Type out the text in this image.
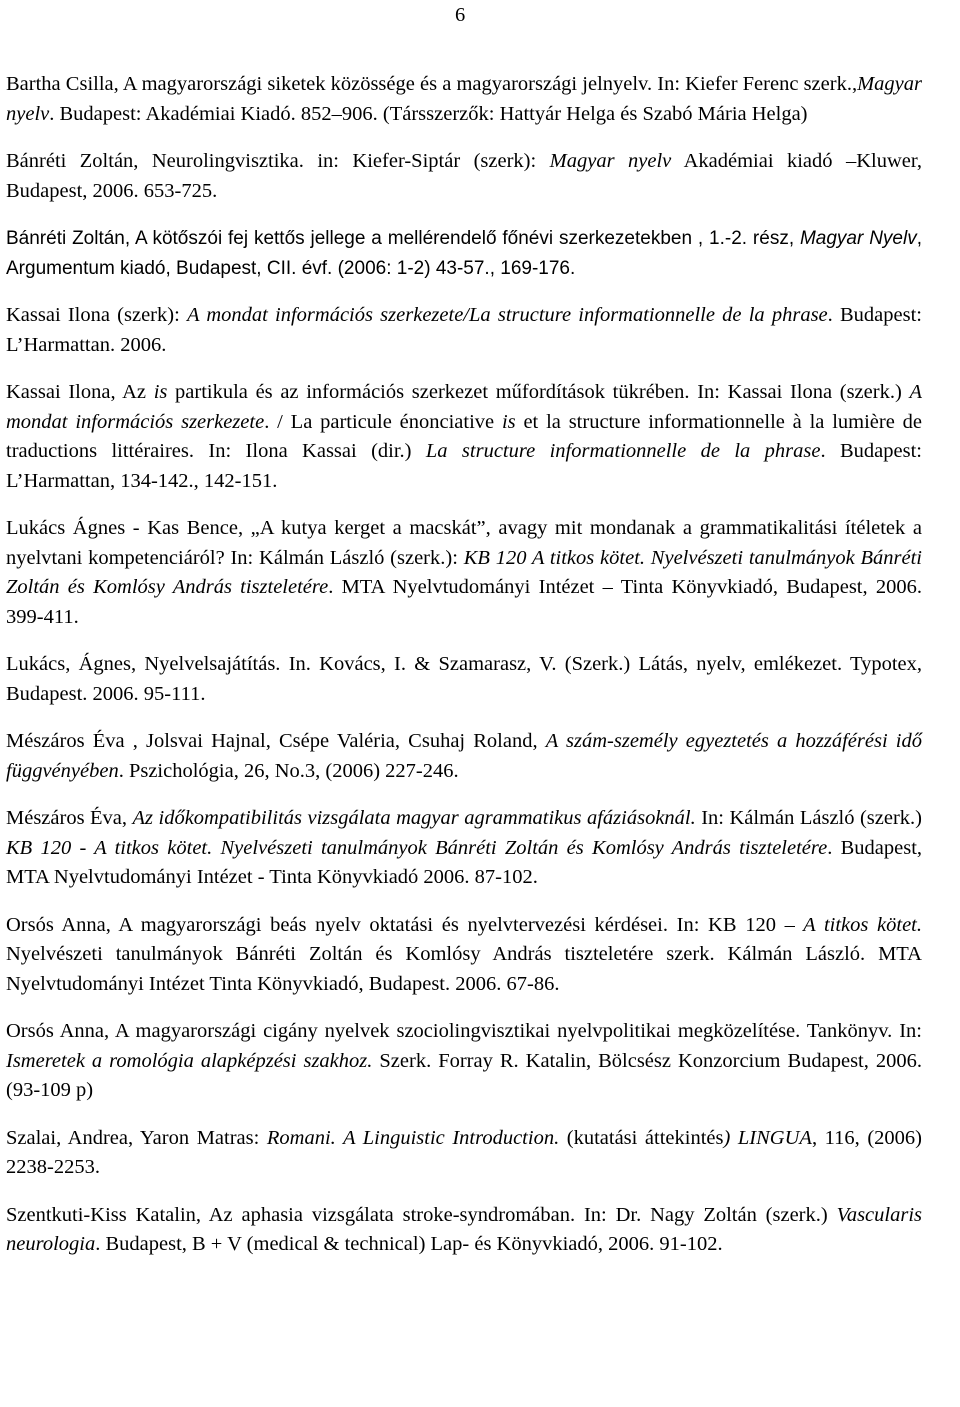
6
Bartha Csilla, A magyarországi siketek közössége és a magyarországi jelnyelv. In: Kiefer Ferenc szerk.,Magyar nyelv. Budapest: Akadémiai Kiadó. 852–906. (Társszerzők: Hattyár Helga és Szabó Mária Helga)
Bánréti Zoltán, Neurolingvisztika. in: Kiefer-Siptár (szerk): Magyar nyelv Akadémiai kiadó –Kluwer, Budapest, 2006. 653-725.
Bánréti Zoltán, A kötőszói fej kettős jellege a mellérendelő főnévi szerkezetekben , 1.-2. rész, Magyar Nyelv, Argumentum kiadó, Budapest, CII. évf. (2006: 1-2) 43-57., 169-176.
Kassai Ilona (szerk): A mondat információs szerkezete/La structure informationnelle de la phrase. Budapest: L’Harmattan. 2006.
Kassai Ilona, Az is partikula és az információs szerkezet műfordítások tükrében. In: Kassai Ilona (szerk.) A mondat információs szerkezete. / La particule énonciative is et la structure informationnelle à la lumière de traductions littéraires. In: Ilona Kassai (dir.) La structure informationnelle de la phrase. Budapest: L’Harmattan, 134-142., 142-151.
Lukács Ágnes - Kas Bence, „A kutya kerget a macskát”, avagy mit mondanak a grammatikalitási ítéletek a nyelvtani kompetenciáról? In: Kálmán László (szerk.): KB 120 A titkos kötet. Nyelvészeti tanulmányok Bánréti Zoltán és Komlósy András tiszteletére. MTA Nyelvtudományi Intézet – Tinta Könyvkiadó, Budapest, 2006. 399-411.
Lukács, Ágnes, Nyelvelsajátítás. In. Kovács, I. & Szamarasz, V. (Szerk.) Látás, nyelv, emlékezet. Typotex, Budapest. 2006. 95-111.
Mészáros Éva , Jolsvai Hajnal, Csépe Valéria, Csuhaj Roland, A szám-személy egyeztetés a hozzáférési idő függvényében. Pszichológia, 26, No.3, (2006) 227-246.
Mészáros Éva, Az időkompatibilitás vizsgálata magyar agrammatikus afáziásoknál. In: Kálmán László (szerk.) KB 120 - A titkos kötet. Nyelvészeti tanulmányok Bánréti Zoltán és Komlósy András tiszteletére. Budapest, MTA Nyelvtudományi Intézet - Tinta Könyvkiadó 2006. 87-102.
Orsós Anna, A magyarországi beás nyelv oktatási és nyelvtervezési kérdései. In: KB 120 – A titkos kötet. Nyelvészeti tanulmányok Bánréti Zoltán és Komlósy András tiszteletére szerk. Kálmán László. MTA Nyelvtudományi Intézet Tinta Könyvkiadó, Budapest. 2006. 67-86.
Orsós Anna, A magyarországi cigány nyelvek szociolingvisztikai nyelvpolitikai megközelítése. Tankönyv. In: Ismeretek a romológia alapképzési szakhoz. Szerk. Forray R. Katalin, Bölcsész Konzorcium Budapest, 2006. (93-109 p)
Szalai, Andrea, Yaron Matras: Romani. A Linguistic Introduction. (kutatási áttekintés) LINGUA, 116, (2006) 2238-2253.
Szentkuti-Kiss Katalin, Az aphasia vizsgálata stroke-syndromában. In: Dr. Nagy Zoltán (szerk.) Vascularis neurologia. Budapest, B + V (medical & technical) Lap- és Könyvkiadó, 2006. 91-102.
